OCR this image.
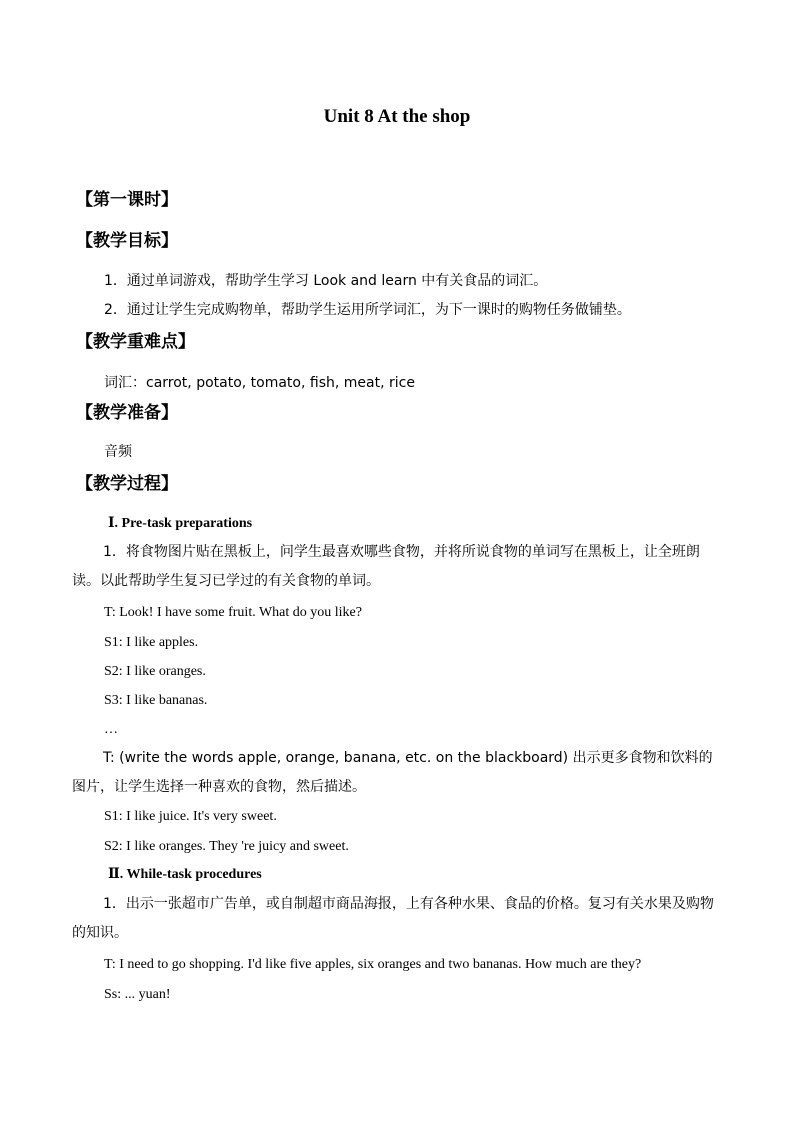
Unit 8 At the shop
【第一课时】
【教学目标】
1．通过单词游戏，帮助学生学习 Look and learn 中有关食品的词汇。
2．通过让学生完成购物单，帮助学生运用所学词汇，为下一课时的购物任务做铺垫。
【教学重难点】
词汇：carrot, potato, tomato, fish, meat, rice
【教学准备】
音频
【教学过程】
Ⅰ. Pre-task preparations
1．将食物图片贴在黑板上，问学生最喜欢哪些食物，并将所说食物的单词写在黑板上，让全班朗读。以此帮助学生复习已学过的有关食物的单词。
T: Look! I have some fruit. What do you like?
S1: I like apples.
S2: I like oranges.
S3: I like bananas.
…
T: (write the words apple, orange, banana, etc. on the blackboard) 出示更多食物和饮料的图片，让学生选择一种喜欢的食物，然后描述。
S1: I like juice. It's very sweet.
S2: I like oranges. They 're juicy and sweet.
Ⅱ. While-task procedures
1．出示一张超市广告单，或自制超市商品海报，上有各种水果、食品的价格。复习有关水果及购物的知识。
T: I need to go shopping. I'd like five apples, six oranges and two bananas. How much are they?
Ss: ... yuan!
